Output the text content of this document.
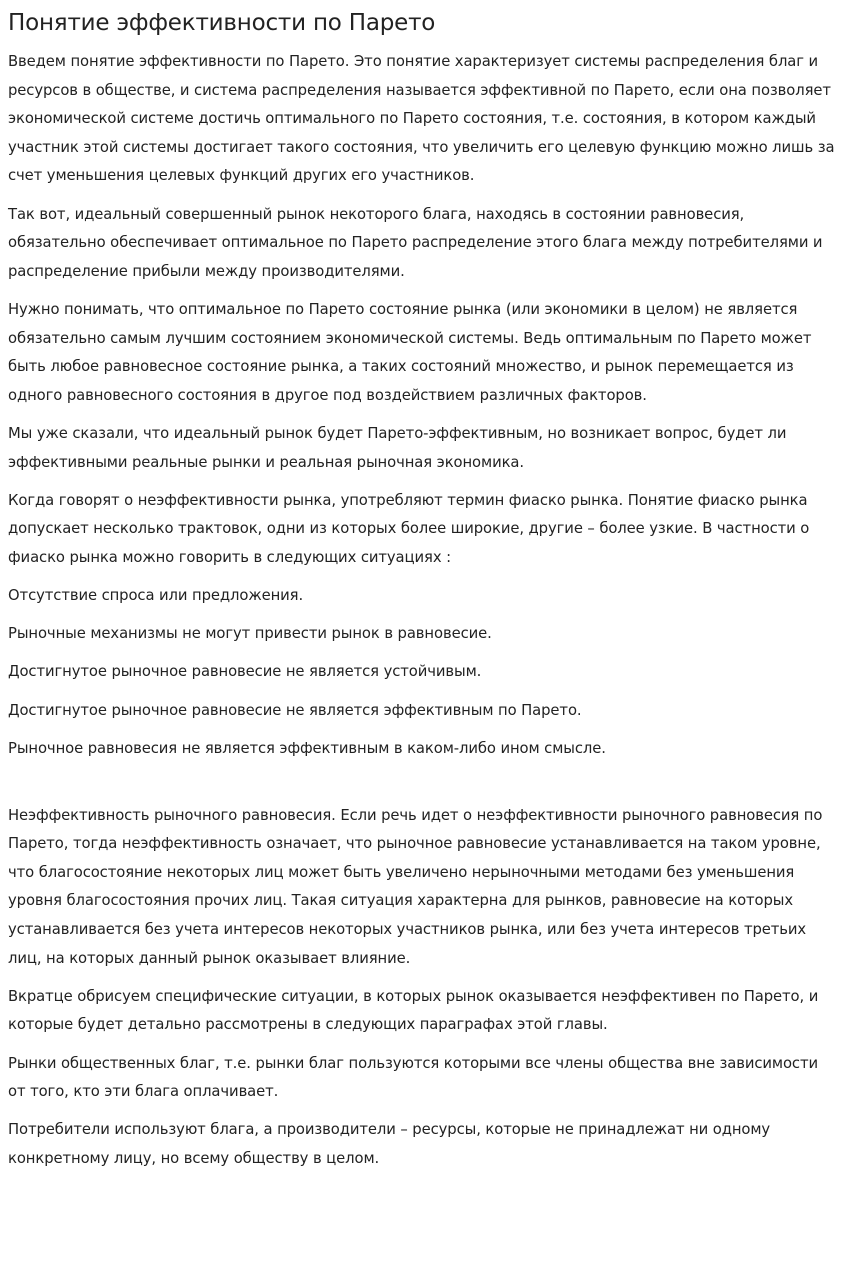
Понятие эффективности по Парето

Введем понятие эффективности по Парето. Это понятие характеризует системы распределения благ и ресурсов в обществе, и система распределения называется эффективной по Парето, если она позволяет экономической системе достичь оптимального по Парето состояния, т.е. состояния, в котором каждый участник этой системы достигает такого состояния, что увеличить его целевую функцию можно лишь за счет уменьшения целевых функций других его участников.

Так вот, идеальный совершенный рынок некоторого блага, находясь в состоянии равновесия, обязательно обеспечивает оптимальное по Парето распределение этого блага между потребителями и распределение прибыли между производителями.

Нужно понимать, что оптимальное по Парето состояние рынка (или экономики в целом) не является обязательно самым лучшим состоянием экономической системы. Ведь оптимальным по Парето может быть любое равновесное состояние рынка, а таких состояний множество, и рынок перемещается из одного равновесного состояния в другое под воздействием различных факторов.

Мы уже сказали, что идеальный рынок будет Парето-эффективным, но возникает вопрос, будет ли эффективными реальные рынки и реальная рыночная экономика.

Когда говорят о неэффективности рынка, употребляют термин фиаско рынка. Понятие фиаско рынка допускает несколько трактовок, одни из которых более широкие, другие – более узкие. В частности о фиаско рынка можно говорить в следующих ситуациях :

Отсутствие спроса или предложения.

Рыночные механизмы не могут привести рынок в равновесие.

Достигнутое рыночное равновесие не является устойчивым.

Достигнутое рыночное равновесие не является эффективным по Парето.

Рыночное равновесия не является эффективным в каком-либо ином смысле.

Неэффективность рыночного равновесия. Если речь идет о неэффективности рыночного равновесия по Парето, тогда неэффективность означает, что рыночное равновесие устанавливается на таком уровне, что благосостояние некоторых лиц может быть увеличено нерыночными методами без уменьшения уровня благосостояния прочих лиц. Такая ситуация характерна для рынков, равновесие на которых устанавливается без учета интересов некоторых участников рынка, или без учета интересов третьих лиц, на которых данный рынок оказывает влияние.

Вкратце обрисуем специфические ситуации, в которых рынок оказывается неэффективен по Парето, и которые будет детально рассмотрены в следующих параграфах этой главы.

Рынки общественных благ, т.е. рынки благ пользуются которыми все члены общества вне зависимости от того, кто эти блага оплачивает.

Потребители используют блага, а производители – ресурсы, которые не принадлежат ни одному конкретному лицу, но всему обществу в целом.
